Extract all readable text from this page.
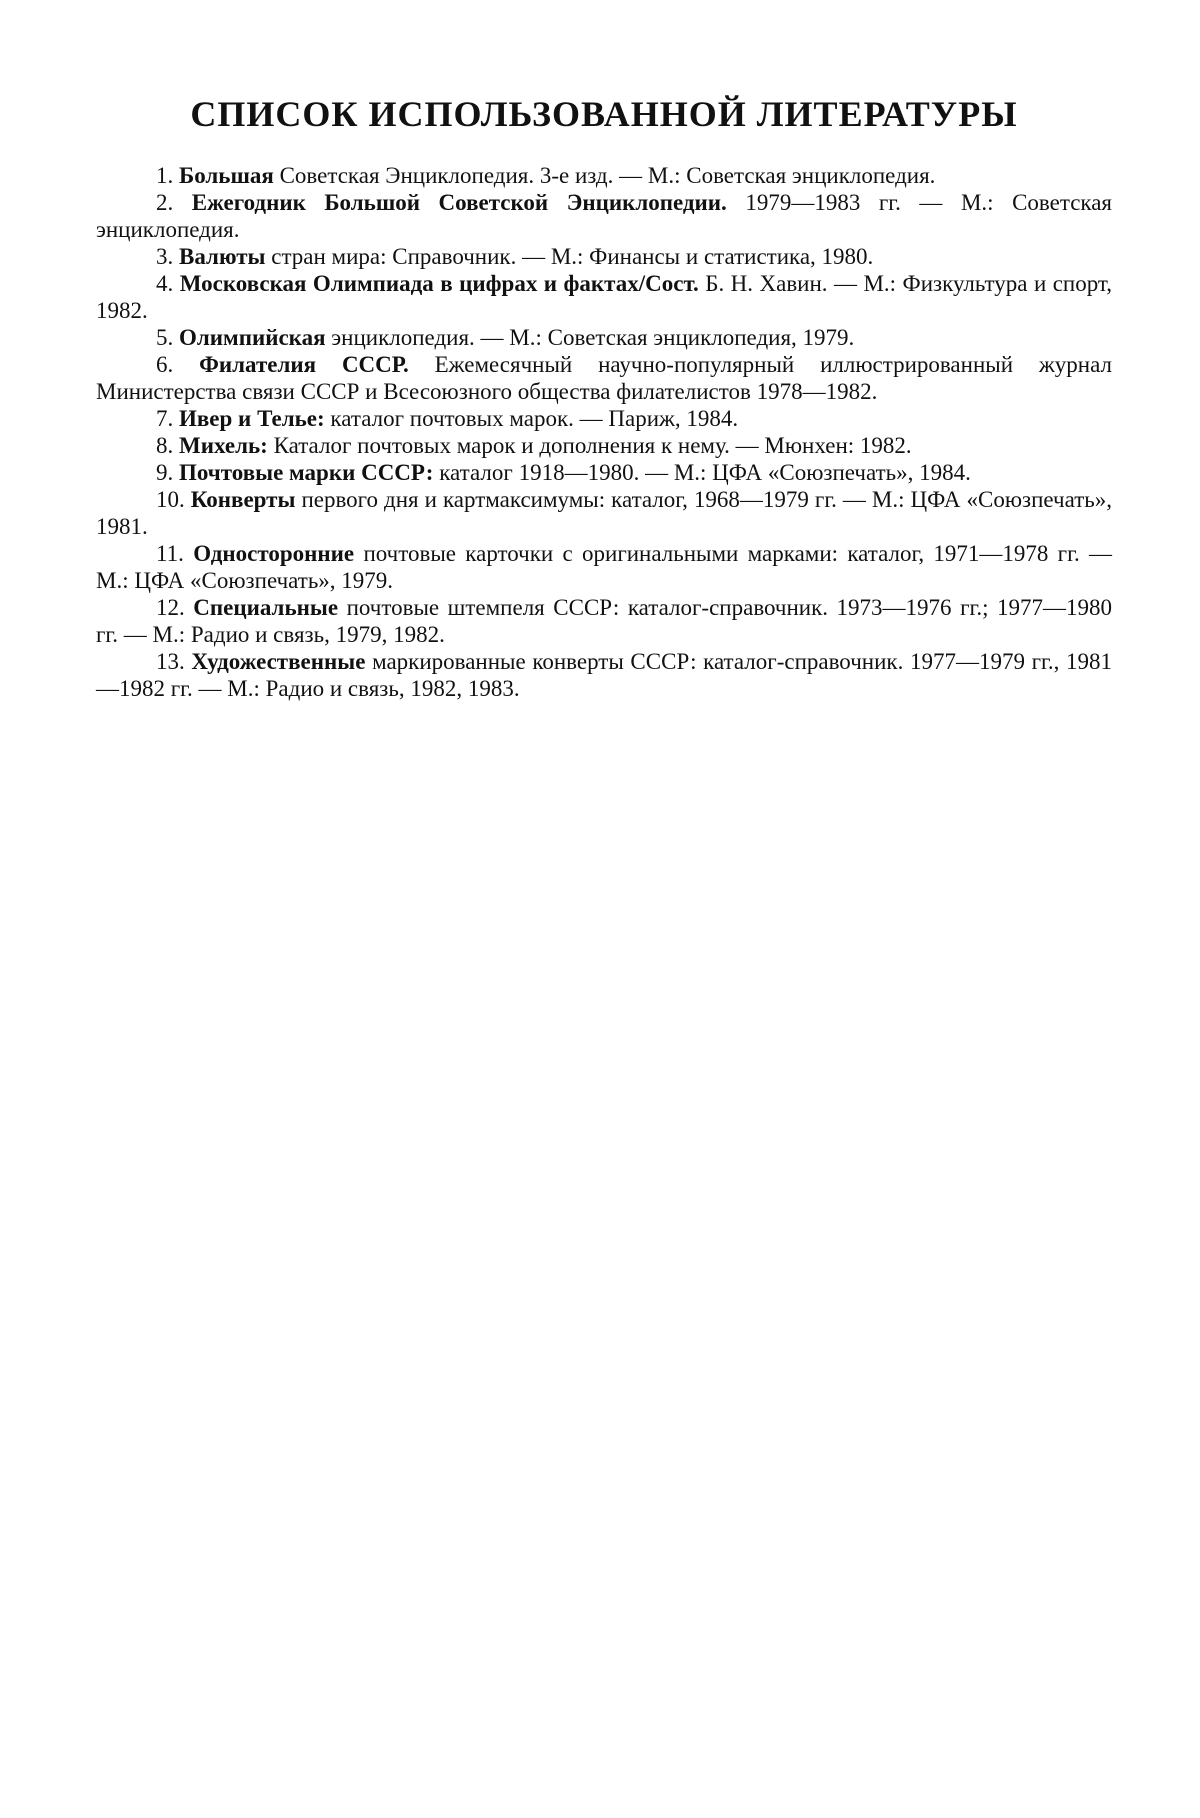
СПИСОК ИСПОЛЬЗОВАННОЙ ЛИТЕРАТУРЫ
1. Большая Советская Энциклопедия. 3-е изд. — М.: Советская энциклопедия.
2. Ежегодник Большой Советской Энциклопедии. 1979—1983 гг. — М.: Советская энциклопедия.
3. Валюты стран мира: Справочник. — М.: Финансы и статистика, 1980.
4. Московская Олимпиада в цифрах и фактах/Сост. Б. Н. Хавин. — М.: Физкультура и спорт, 1982.
5. Олимпийская энциклопедия. — М.: Советская энциклопедия, 1979.
6. Филателия СССР. Ежемесячный научно-популярный иллюстрированный журнал Министерства связи СССР и Всесоюзного общества филателистов 1978—1982.
7. Ивер и Телье: каталог почтовых марок. — Париж, 1984.
8. Михель: Каталог почтовых марок и дополнения к нему. — Мюнхен: 1982.
9. Почтовые марки СССР: каталог 1918—1980. — М.: ЦФА «Союзпечать», 1984.
10. Конверты первого дня и картмаксимумы: каталог, 1968—1979 гг. — М.: ЦФА «Союзпечать», 1981.
11. Односторонние почтовые карточки с оригинальными марками: каталог, 1971—1978 гг. — М.: ЦФА «Союзпечать», 1979.
12. Специальные почтовые штемпеля СССР: каталог-справочник. 1973—1976 гг.; 1977—1980 гг. — М.: Радио и связь, 1979, 1982.
13. Художественные маркированные конверты СССР: каталог-справочник. 1977—1979 гг., 1981—1982 гг. — М.: Радио и связь, 1982, 1983.
